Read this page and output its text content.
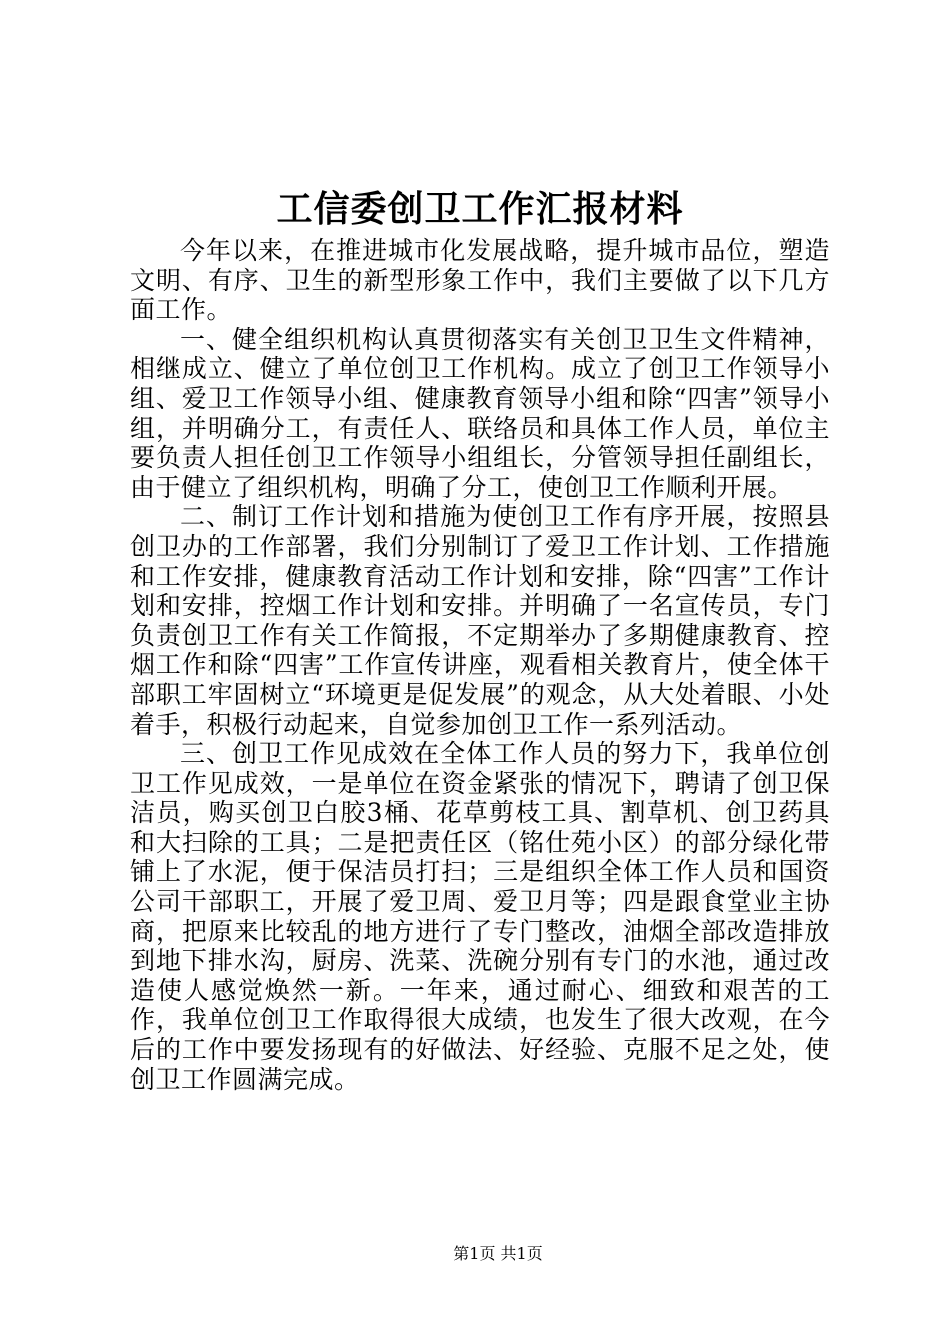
工信委创卫工作汇报材料

今年以来，在推进城市化发展战略，提升城市品位，塑造文明、有序、卫生的新型形象工作中，我们主要做了以下几方面工作。

一、健全组织机构认真贯彻落实有关创卫卫生文件精神，相继成立、健立了单位创卫工作机构。成立了创卫工作领导小组、爱卫工作领导小组、健康教育领导小组和除“四害”领导小组，并明确分工，有责任人、联络员和具体工作人员，单位主要负责人担任创卫工作领导小组组长，分管领导担任副组长，由于健立了组织机构，明确了分工，使创卫工作顺利开展。

二、制订工作计划和措施为使创卫工作有序开展，按照县创卫办的工作部署，我们分别制订了爱卫工作计划、工作措施和工作安排，健康教育活动工作计划和安排，除“四害”工作计划和安排，控烟工作计划和安排。并明确了一名宣传员，专门负责创卫工作有关工作简报，不定期举办了多期健康教育、控烟工作和除“四害”工作宣传讲座，观看相关教育片，使全体干部职工牢固树立“环境更是促发展”的观念，从大处着眼、小处着手，积极行动起来，自觉参加创卫工作一系列活动。

三、创卫工作见成效在全体工作人员的努力下，我单位创卫工作见成效，一是单位在资金紧张的情况下，聘请了创卫保洁员，购买创卫白胶3桶、花草剪枝工具、割草机、创卫药具和大扫除的工具；二是把责任区（铭仕苑小区）的部分绿化带铺上了水泥，便于保洁员打扫；三是组织全体工作人员和国资公司干部职工，开展了爱卫周、爱卫月等；四是跟食堂业主协商，把原来比较乱的地方进行了专门整改，油烟全部改造排放到地下排水沟，厨房、洗菜、洗碗分别有专门的水池，通过改造使人感觉焕然一新。一年来，通过耐心、细致和艰苦的工作，我单位创卫工作取得很大成绩，也发生了很大改观，在今后的工作中要发扬现有的好做法、好经验、克服不足之处，使创卫工作圆满完成。

第1页 共1页
